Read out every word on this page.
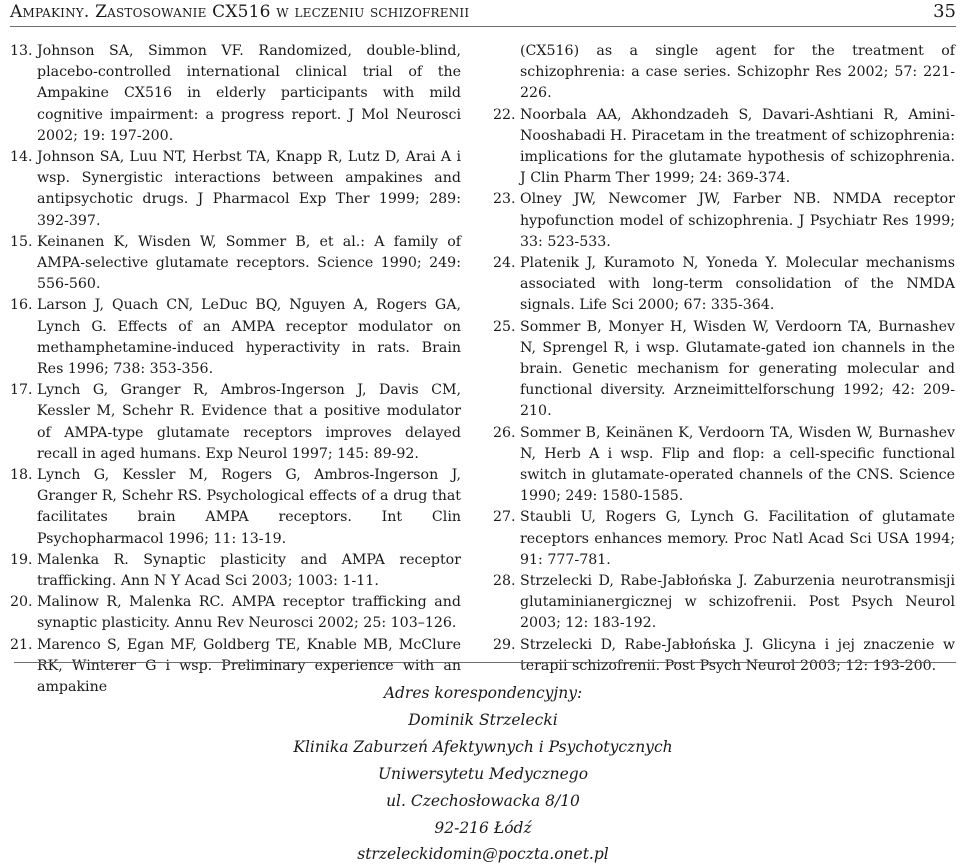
Ampakiny. Zastosowanie CX516 w leczeniu schizofrenii	35

13. Johnson SA, Simmon VF. Randomized, double-blind, placebo-controlled international clinical trial of the Ampakine CX516 in elderly participants with mild cognitive impairment: a progress report. J Mol Neurosci 2002; 19: 197-200.

14. Johnson SA, Luu NT, Herbst TA, Knapp R, Lutz D, Arai A i wsp. Synergistic interactions between ampakines and antipsychotic drugs. J Pharmacol Exp Ther 1999; 289: 392-397.

15. Keinanen K, Wisden W, Sommer B, et al.: A family of AMPA-selective glutamate receptors. Science 1990; 249: 556-560.

16. Larson J, Quach CN, LeDuc BQ, Nguyen A, Rogers GA, Lynch G. Effects of an AMPA receptor modulator on methamphetamine-induced hyperactivity in rats. Brain Res 1996; 738: 353-356.

17. Lynch G, Granger R, Ambros-Ingerson J, Davis CM, Kessler M, Schehr R. Evidence that a positive modulator of AMPA-type glutamate receptors improves delayed recall in aged humans. Exp Neurol 1997; 145: 89-92.

18. Lynch G, Kessler M, Rogers G, Ambros-Ingerson J, Granger R, Schehr RS. Psychological effects of a drug that facilitates brain AMPA receptors. Int Clin Psychopharmacol 1996; 11: 13-19.

19. Malenka R. Synaptic plasticity and AMPA receptor trafficking. Ann N Y Acad Sci 2003; 1003: 1-11.

20. Malinow R, Malenka RC. AMPA receptor trafficking and synaptic plasticity. Annu Rev Neurosci 2002; 25: 103–126.

21. Marenco S, Egan MF, Goldberg TE, Knable MB, McClure RK, Winterer G i wsp. Preliminary experience with an ampakine

(CX516) as a single agent for the treatment of schizophrenia: a case series. Schizophr Res 2002; 57: 221-226.

22. Noorbala AA, Akhondzadeh S, Davari-Ashtiani R, Amini-Nooshabadi H. Piracetam in the treatment of schizophrenia: implications for the glutamate hypothesis of schizophrenia. J Clin Pharm Ther 1999; 24: 369-374.

23. Olney JW, Newcomer JW, Farber NB. NMDA receptor hypofunction model of schizophrenia. J Psychiatr Res 1999; 33: 523-533.

24. Platenik J, Kuramoto N, Yoneda Y. Molecular mechanisms associated with long-term consolidation of the NMDA signals. Life Sci 2000; 67: 335-364.

25. Sommer B, Monyer H, Wisden W, Verdoorn TA, Burnashev N, Sprengel R, i wsp. Glutamate-gated ion channels in the brain. Genetic mechanism for generating molecular and functional diversity. Arzneimittelforschung 1992; 42: 209-210.

26. Sommer B, Keinänen K, Verdoorn TA, Wisden W, Burnashev N, Herb A i wsp. Flip and flop: a cell-specific functional switch in glutamate-operated channels of the CNS. Science 1990; 249: 1580-1585.

27. Staubli U, Rogers G, Lynch G. Facilitation of glutamate receptors enhances memory. Proc Natl Acad Sci USA 1994; 91: 777-781.

28. Strzelecki D, Rabe-Jabłońska J. Zaburzenia neurotransmisji glutaminianergicznej w schizofrenii. Post Psych Neurol 2003; 12: 183-192.

29. Strzelecki D, Rabe-Jabłońska J. Glicyna i jej znaczenie w terapii schizofrenii. Post Psych Neurol 2003; 12: 193-200.

Adres korespondencyjny:
Dominik Strzelecki
Klinika Zaburzeń Afektywnych i Psychotycznych
Uniwersytetu Medycznego
ul. Czechosłowacka 8/10
92-216 Łódź
strzeleckidomin@poczta.onet.pl
